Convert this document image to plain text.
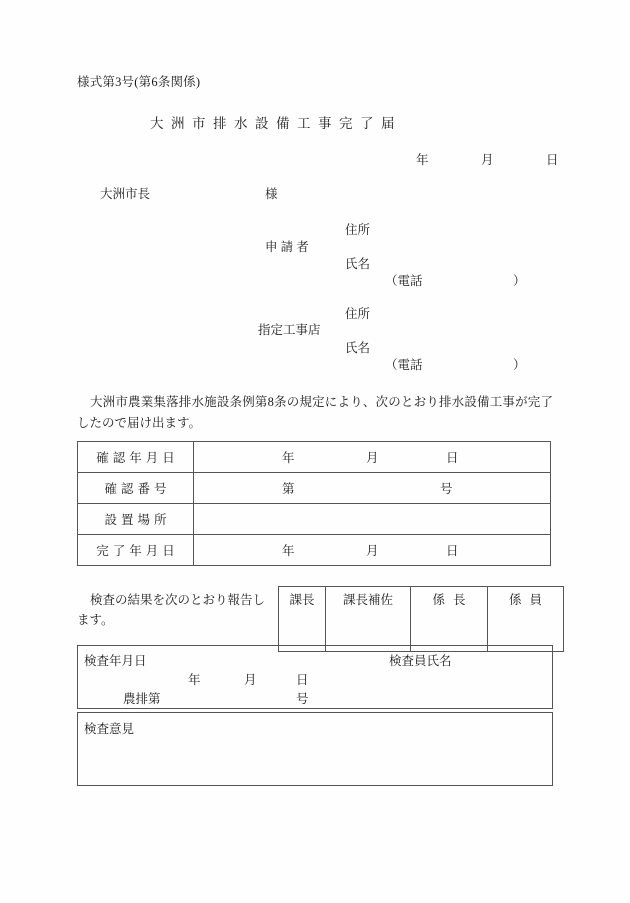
様式第3号(第6条関係)
大洲市排水設備工事完了届
年　月　日
大洲市長	様
申 請 者
住所
氏名
（電話	）
指定工事店
住所
氏名
（電話	）
大洲市農業集落排水施設条例第8条の規定により、次のとおり排水設備工事が完了したので届け出ます。
確認年月日	年 月 日

確認番号	第 号

設置場所	
完了年月日	年 月 日
検査の結果を次のとおり報告します。
課長	課長補佐	係長	係員
検査年月日	検査員氏名
年	月	日
農排第	号
検査意見
